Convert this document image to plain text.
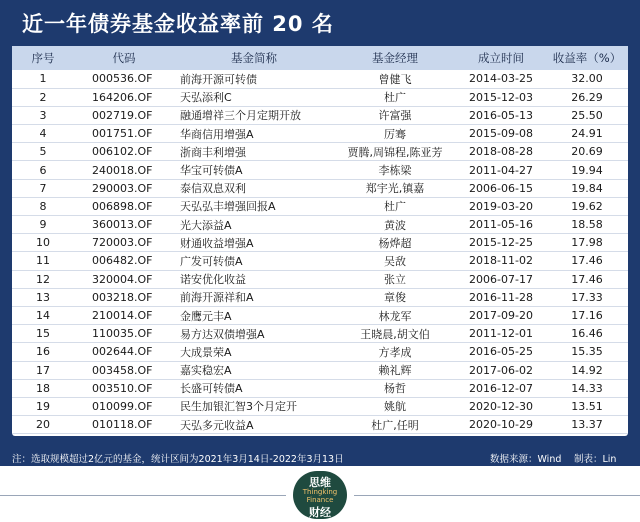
近一年债券基金收益率前 20 名
序号	代码	基金简称	基金经理	成立时间	收益率（%）
1	000536.OF	前海开源可转债	曾健飞	2014-03-25	32.00
2	164206.OF	天弘添利C	杜广	2015-12-03	26.29
3	002719.OF	融通增祥三个月定期开放	许富强	2016-05-13	25.50
4	001751.OF	华商信用增强A	厉骞	2015-09-08	24.91
5	006102.OF	浙商丰利增强	贾腾,周锦程,陈亚芳	2018-08-28	20.69
6	240018.OF	华宝可转债A	李栋梁	2011-04-27	19.94
7	290003.OF	泰信双息双利	郑宇光,镇嘉	2006-06-15	19.84
8	006898.OF	天弘弘丰增强回报A	杜广	2019-03-20	19.62
9	360013.OF	光大添益A	黄波	2011-05-16	18.58
10	720003.OF	财通收益增强A	杨烨超	2015-12-25	17.98
11	006482.OF	广发可转债A	吴敌	2018-11-02	17.46
12	320004.OF	诺安优化收益	张立	2006-07-17	17.46
13	003218.OF	前海开源祥和A	章俊	2016-11-28	17.33
14	210014.OF	金鹰元丰A	林龙军	2017-09-20	17.16
15	110035.OF	易方达双债增强A	王晓晨,胡文伯	2011-12-01	16.46
16	002644.OF	大成景荣A	方孝成	2016-05-25	15.35
17	003458.OF	嘉实稳宏A	赖礼辉	2017-06-02	14.92
18	003510.OF	长盛可转债A	杨哲	2016-12-07	14.33
19	010099.OF	民生加银汇智3个月定开	姚航	2020-12-30	13.51
20	010118.OF	天弘多元收益A	杜广,任明	2020-10-29	13.37
注：选取规模超过2亿元的基金，统计区间为2021年3月14日-2022年3月13日	数据来源：Wind 制表：Lin
思维
Thingking
Finance
财经
